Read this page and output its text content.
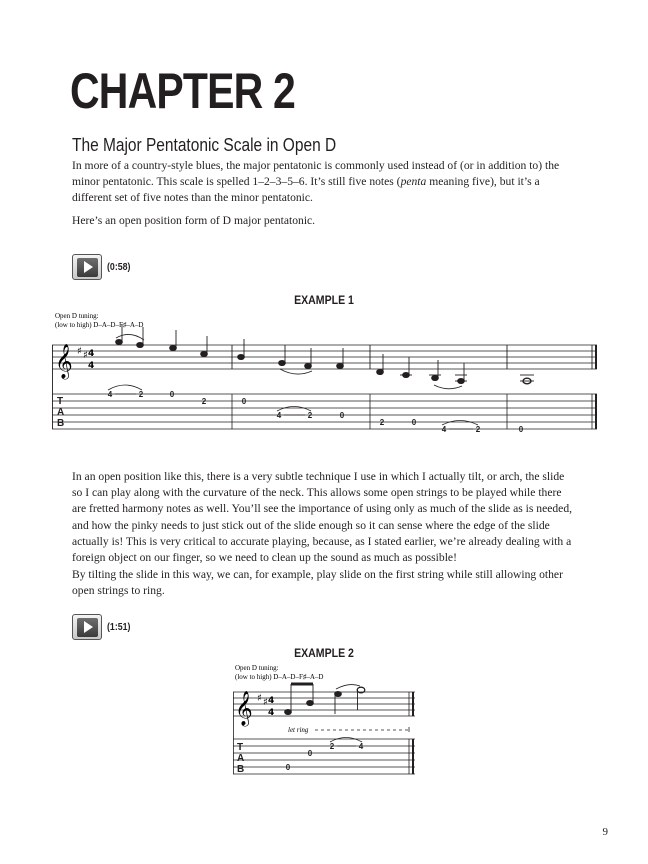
CHAPTER 2
The Major Pentatonic Scale in Open D

In more of a country-style blues, the major pentatonic is commonly used instead of (or in addition to) the minor pentatonic. This scale is spelled 1–2–3–5–6. It’s still five notes (penta meaning five), but it’s a different set of five notes than the minor pentatonic.

Here’s an open position form of D major pentatonic.

(0:58)

EXAMPLE 1

Open D tuning:
(low to high) D–A–D–F♯–A–D
𝄞 ♯ ♯ 4
4
T
A
B
4	2	0
2	0
4	2	0
2	0
4	2	0

In an open position like this, there is a very subtle technique I use in which I actually tilt, or arch, the slide so I can play along with the curvature of the neck. This allows some open strings to be played while there are fretted harmony notes as well. You’ll see the importance of using only as much of the slide as is needed, and how the pinky needs to just stick out of the slide enough so it can sense where the edge of the slide actually is! This is very critical to accurate playing, because, as I stated earlier, we’re already dealing with a foreign object on our finger, so we need to clean up the sound as much as possible!

By tilting the slide in this way, we can, for example, play slide on the first string while still allowing other open strings to ring.

(1:51)

EXAMPLE 2

Open D tuning:
(low to high) D–A–D–F♯–A–D
𝄞 ♯ ♯ 4
4
let ring
T
A
B	0
0
2	4

9
